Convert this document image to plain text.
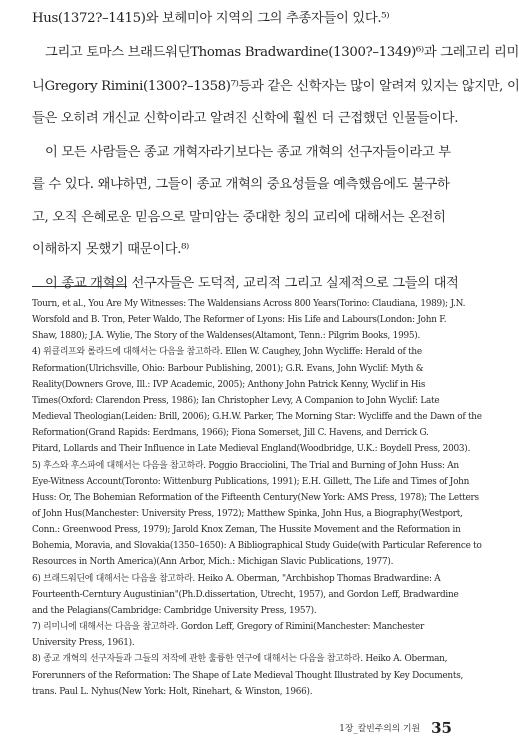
Hus(1372?–1415)와 보헤미아 지역의 그의 추종자들이 있다.⁵⁾
　그리고 토마스 브래드워딘Thomas Bradwardine(1300?–1349)⁶⁾과 그레고리 리미
니Gregory Rimini(1300?–1358)⁷⁾등과 같은 신학자는 많이 알려져 있지는 않지만, 이
들은 오히려 개신교 신학이라고 알려진 신학에 훨씬 더 근접했던 인물들이다.
　이 모든 사람들은 종교 개혁자라기보다는 종교 개혁의 선구자들이라고 부
를 수 있다. 왜냐하면, 그들이 종교 개혁의 중요성들을 예측했음에도 불구하
고, 오직 은혜로운 믿음으로 말미암는 중대한 칭의 교리에 대해서는 온전히
이해하지 못했기 때문이다.⁸⁾
　이 종교 개혁의 선구자들은 도덕적, 교리적 그리고 실제적으로 그들의 대적
Tourn, et al., You Are My Witnesses: The Waldensians Across 800 Years(Torino: Claudiana, 1989); J.N.
Worsfold and B. Tron, Peter Waldo, The Reformer of Lyons: His Life and Labours(London: John F.
Shaw, 1880); J.A. Wylie, The Story of the Waldenses(Altamont, Tenn.: Pilgrim Books, 1995).
4) 위클리프와 롤라드에 대해서는 다음을 참고하라. Ellen W. Caughey, John Wycliffe: Herald of the
Reformation(Ulrichsville, Ohio: Barbour Publishing, 2001); G.R. Evans, John Wyclif: Myth &
Reality(Downers Grove, Ill.: IVP Academic, 2005); Anthony John Patrick Kenny, Wyclif in His
Times(Oxford: Clarendon Press, 1986); Ian Christopher Levy, A Companion to John Wyclif: Late
Medieval Theologian(Leiden: Brill, 2006); G.H.W. Parker, The Morning Star: Wycliffe and the Dawn of the
Reformation(Grand Rapids: Eerdmans, 1966); Fiona Somerset, Jill C. Havens, and Derrick G.
Pitard, Lollards and Their Influence in Late Medieval England(Woodbridge, U.K.: Boydell Press, 2003).
5) 후스와 후스파에 대해서는 다음을 참고하라. Poggio Bracciolini, The Trial and Burning of John Huss: An
Eye-Witness Account(Toronto: Wittenburg Publications, 1991); E.H. Gillett, The Life and Times of John
Huss: Or, The Bohemian Reformation of the Fifteenth Century(New York: AMS Press, 1978); The Letters
of John Hus(Manchester: University Press, 1972); Matthew Spinka, John Hus, a Biography(Westport,
Conn.: Greenwood Press, 1979); Jarold Knox Zeman, The Hussite Movement and the Reformation in
Bohemia, Moravia, and Slovakia(1350–1650): A Bibliographical Study Guide(with Particular Reference to
Resources in North America)(Ann Arbor, Mich.: Michigan Slavic Publications, 1977).
6) 브래드워딘에 대해서는 다음을 참고하라. Heiko A. Oberman, "Archbishop Thomas Bradwardine: A
Fourteenth-Cerntury Augustinian"(Ph.D.dissertation, Utrecht, 1957), and Gordon Leff, Bradwardine
and the Pelagians(Cambridge: Cambridge University Press, 1957).
7) 리미니에 대해서는 다음을 참고하라. Gordon Leff, Gregory of Rimini(Manchester: Manchester
University Press, 1961).
8) 종교 개혁의 선구자들과 그들의 저작에 관한 훌륭한 연구에 대해서는 다음을 참고하라. Heiko A. Oberman,
Forerunners of the Reformation: The Shape of Late Medieval Thought Illustrated by Key Documents,
trans. Paul L. Nyhus(New York: Holt, Rinehart, & Winston, 1966).
1장_칼빈주의의 기원 35
